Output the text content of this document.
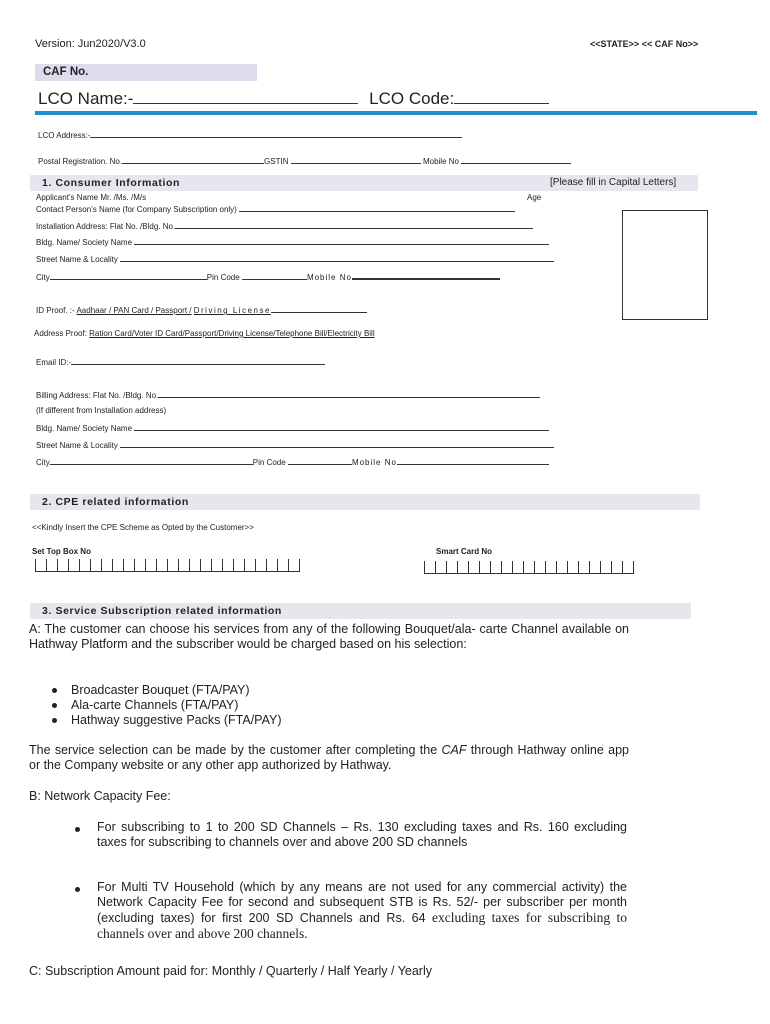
Version: Jun2020/V3.0	<<STATE>> << CAF No>>
CAF No.
LCO Name:-	LCO Code:
LCO Address:-
Postal Registration. No.	GSTIN	Mobile No
1. Consumer Information	[Please fill in Capital Letters]
Applicant’s Name Mr. /Ms. /M/s	Age
Contact Person’s Name (for Company Subscription only)
Installation Address: Flat No. /Bldg. No.
Bldg. Name/ Society Name
Street Name & Locality
City	Pin Code	Mobile No
ID Proof. :- Aadhaar / PAN Card / Passport / Driving License
Address Proof: Ration Card/Voter ID Card/Passport/Driving License/Telephone Bill/Electricity Bill
Email ID:-
Billing Address: Flat No. /Bldg. No.
(If different from Installation address)
Bldg. Name/ Society Name
Street Name & Locality
City	Pin Code	Mobile No
2. CPE related information
<<Kindly Insert the CPE Scheme as Opted by the Customer>>
Set Top Box No	Smart Card No
3. Service Subscription related information
A: The customer can choose his services from any of the following Bouquet/ala- carte Channel available on Hathway Platform and the subscriber would be charged based on his selection:
Broadcaster Bouquet (FTA/PAY)
Ala-carte Channels (FTA/PAY)
Hathway suggestive Packs (FTA/PAY)
The service selection can be made by the customer after completing the CAF through Hathway online app or the Company website or any other app authorized by Hathway.
B: Network Capacity Fee:
For subscribing to 1 to 200 SD Channels – Rs. 130 excluding taxes and Rs. 160 excluding taxes for subscribing to channels over and above 200 SD channels
For Multi TV Household (which by any means are not used for any commercial activity) the Network Capacity Fee for second and subsequent STB is Rs. 52/- per subscriber per month (excluding taxes) for first 200 SD Channels and Rs. 64 excluding taxes for subscribing to channels over and above 200 channels.
C: Subscription Amount paid for: Monthly / Quarterly / Half Yearly / Yearly
